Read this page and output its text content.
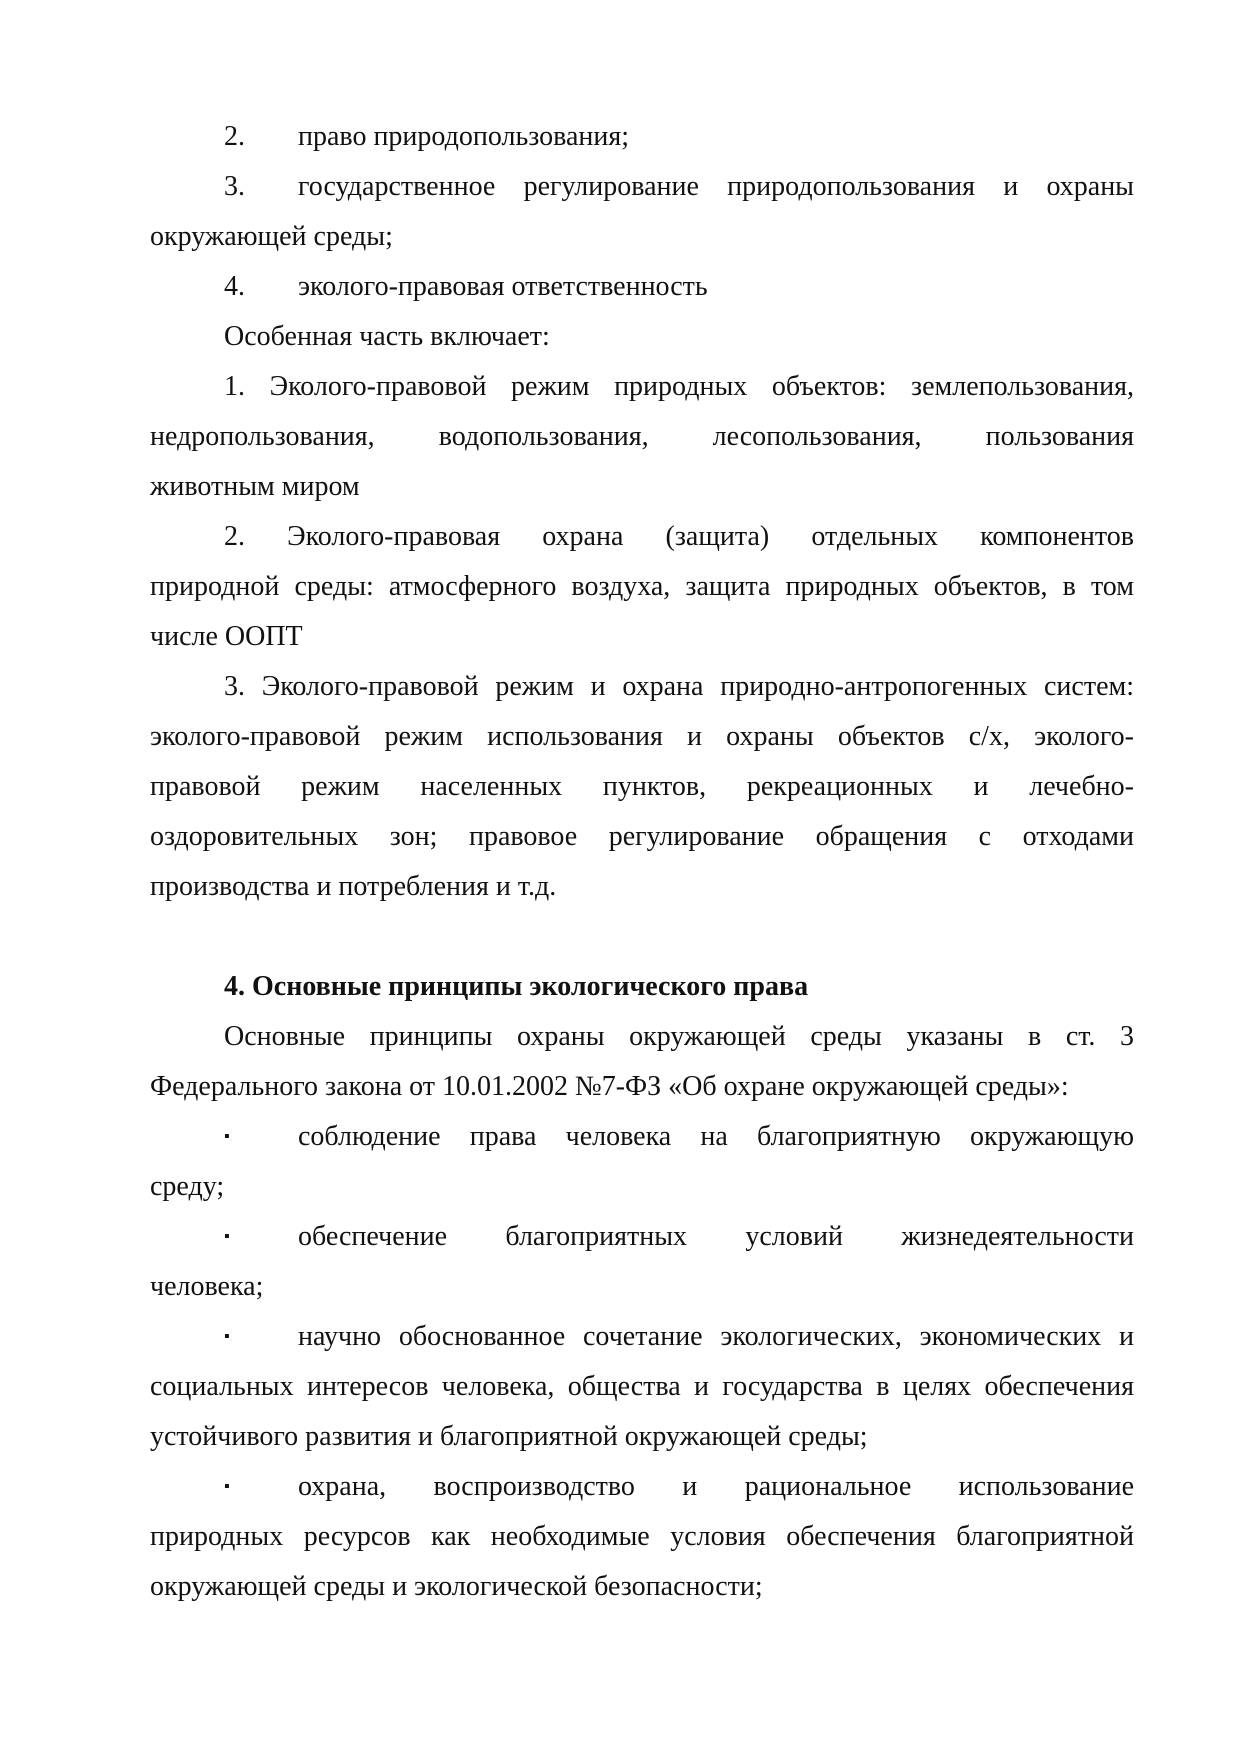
2.	право природопользования;
3.	государственное регулирование природопользования и охраны
окружающей среды;
4.	эколого-правовая ответственность
Особенная часть включает:
1. Эколого-правовой режим природных объектов: землепользования,
недропользования, водопользования, лесопользования, пользования
животным миром
2. Эколого-правовая охрана (защита) отдельных компонентов
природной среды: атмосферного воздуха, защита природных объектов, в том
числе ООПТ
3. Эколого-правовой режим и охрана природно-антропогенных систем:
эколого-правовой режим использования и охраны объектов с/х, эколого-
правовой режим населенных пунктов, рекреационных и лечебно-
оздоровительных зон; правовое регулирование обращения с отходами
производства и потребления и т.д.
4. Основные принципы экологического права
Основные принципы охраны окружающей среды указаны в ст. 3
Федерального закона от 10.01.2002 №7-ФЗ «Об охране окружающей среды»:
▪	соблюдение права человека на благоприятную окружающую
среду;
▪	обеспечение благоприятных условий жизнедеятельности
человека;
▪	научно обоснованное сочетание экологических, экономических и
социальных интересов человека, общества и государства в целях обеспечения
устойчивого развития и благоприятной окружающей среды;
▪	охрана, воспроизводство и рациональное использование
природных ресурсов как необходимые условия обеспечения благоприятной
окружающей среды и экологической безопасности;
